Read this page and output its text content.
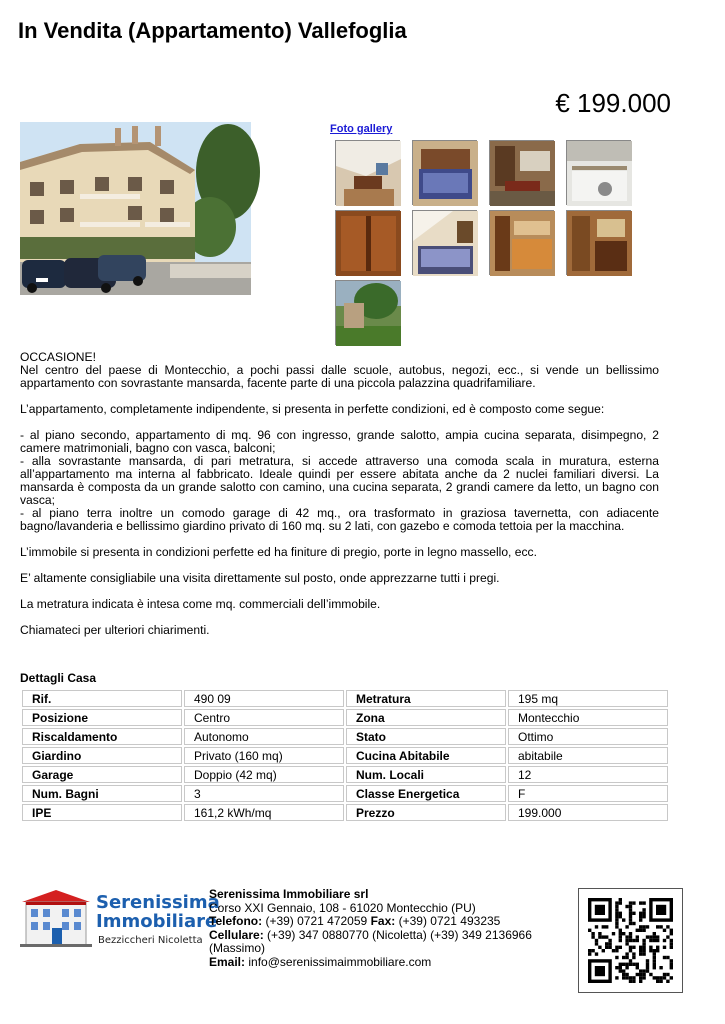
In Vendita (Appartamento) Vallefoglia
€ 199.000
Foto gallery

OCCASIONE!

Nel centro del paese di Montecchio, a pochi passi dalle scuole, autobus, negozi, ecc., si vende un bellissimo appartamento con sovrastante mansarda, facente parte di una piccola palazzina quadrifamiliare.

L’appartamento, completamente indipendente, si presenta in perfette condizioni, ed è composto come segue:

- al piano secondo, appartamento di mq. 96 con ingresso, grande salotto, ampia cucina separata, disimpegno, 2 camere matrimoniali, bagno con vasca, balconi;

- alla sovrastante mansarda, di pari metratura, si accede attraverso una comoda scala in muratura, esterna all’appartamento ma interna al fabbricato. Ideale quindi per essere abitata anche da 2 nuclei familiari diversi. La mansarda è composta da un grande salotto con camino, una cucina separata, 2 grandi camere da letto, un bagno con vasca;

- al piano terra inoltre un comodo garage di 42 mq., ora trasformato in graziosa tavernetta, con adiacente bagno/lavanderia e bellissimo giardino privato di 160 mq. su 2 lati, con gazebo e comoda tettoia per la macchina.

L’immobile si presenta in condizioni perfette ed ha finiture di pregio, porte in legno massello, ecc.

E’ altamente consigliabile una visita direttamente sul posto, onde apprezzarne tutti i pregi.

La metratura indicata è intesa come mq. commerciali dell’immobile.

Chiamateci per ulteriori chiarimenti.

Dettagli Casa
Rif.	490 09	Metratura	195 mq
Posizione	Centro	Zona	Montecchio
Riscaldamento	Autonomo	Stato	Ottimo
Giardino	Privato (160 mq)	Cucina Abitabile	abitabile
Garage	Doppio (42 mq)	Num. Locali	12
Num. Bagni	3	Classe Energetica	F
IPE	161,2 kWh/mq	Prezzo	199.000
Serenissima
Immobiliare
Bezziccheri Nicoletta
Serenissima Immobiliare srl
Corso XXI Gennaio, 108 - 61020 Montecchio (PU)
Telefono: (+39) 0721 472059 Fax: (+39) 0721 493235
Cellulare: (+39) 347 0880770 (Nicoletta) (+39) 349 2136966 (Massimo)
Email: info@serenissimaimmobiliare.com
